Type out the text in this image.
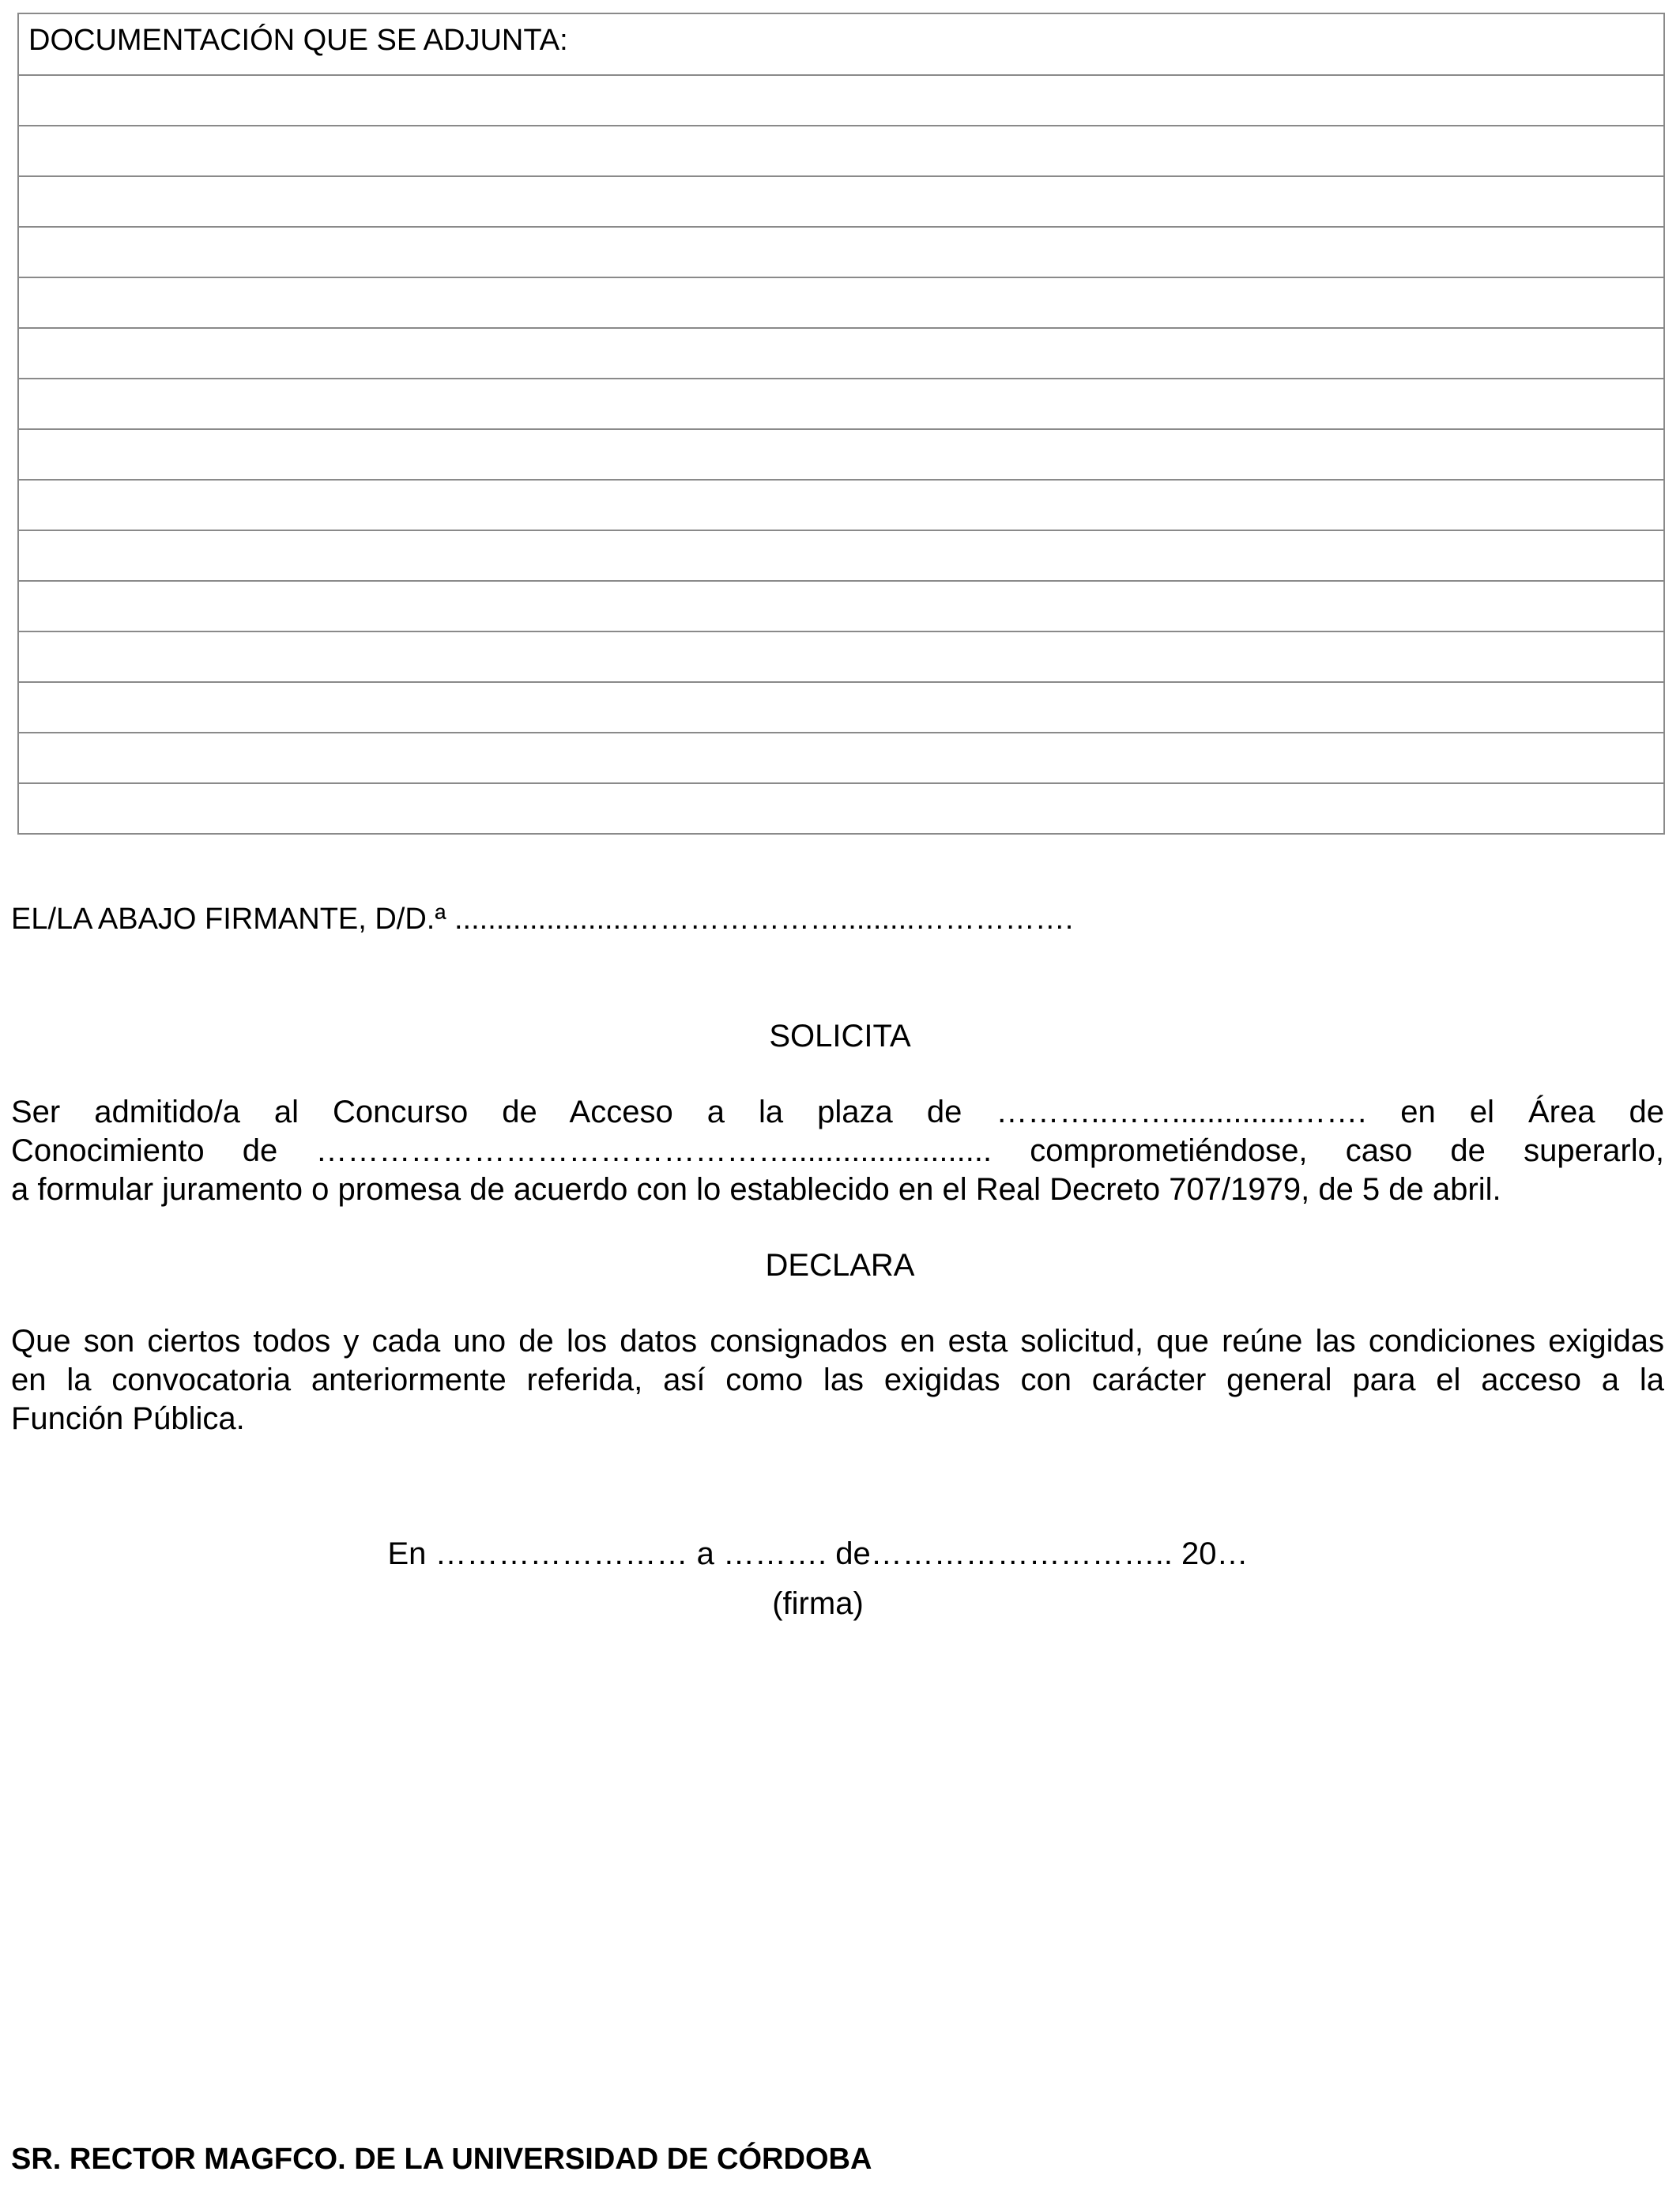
DOCUMENTACIÓN QUE SE ADJUNTA:

EL/LA ABAJO FIRMANTE, D/D.ª .....................………………….........…………….
SOLICITA
Ser admitido/a al Concurso de Acceso a la plaza de ………..……..............……. en el Área de
Conocimiento de ………………………………………....................... comprometiéndose, caso de superarlo,
a formular juramento o promesa de acuerdo con lo establecido en el Real Decreto 707/1979, de 5 de abril.
DECLARA
Que son ciertos todos y cada uno de los datos consignados en esta solicitud, que reúne las condiciones exigidas
en la convocatoria anteriormente referida, así como las exigidas con carácter general para el acceso a la
Función Pública.
En …………………… a ………. de……………………….. 20…
(firma)
SR. RECTOR MAGFCO. DE LA UNIVERSIDAD DE CÓRDOBA
